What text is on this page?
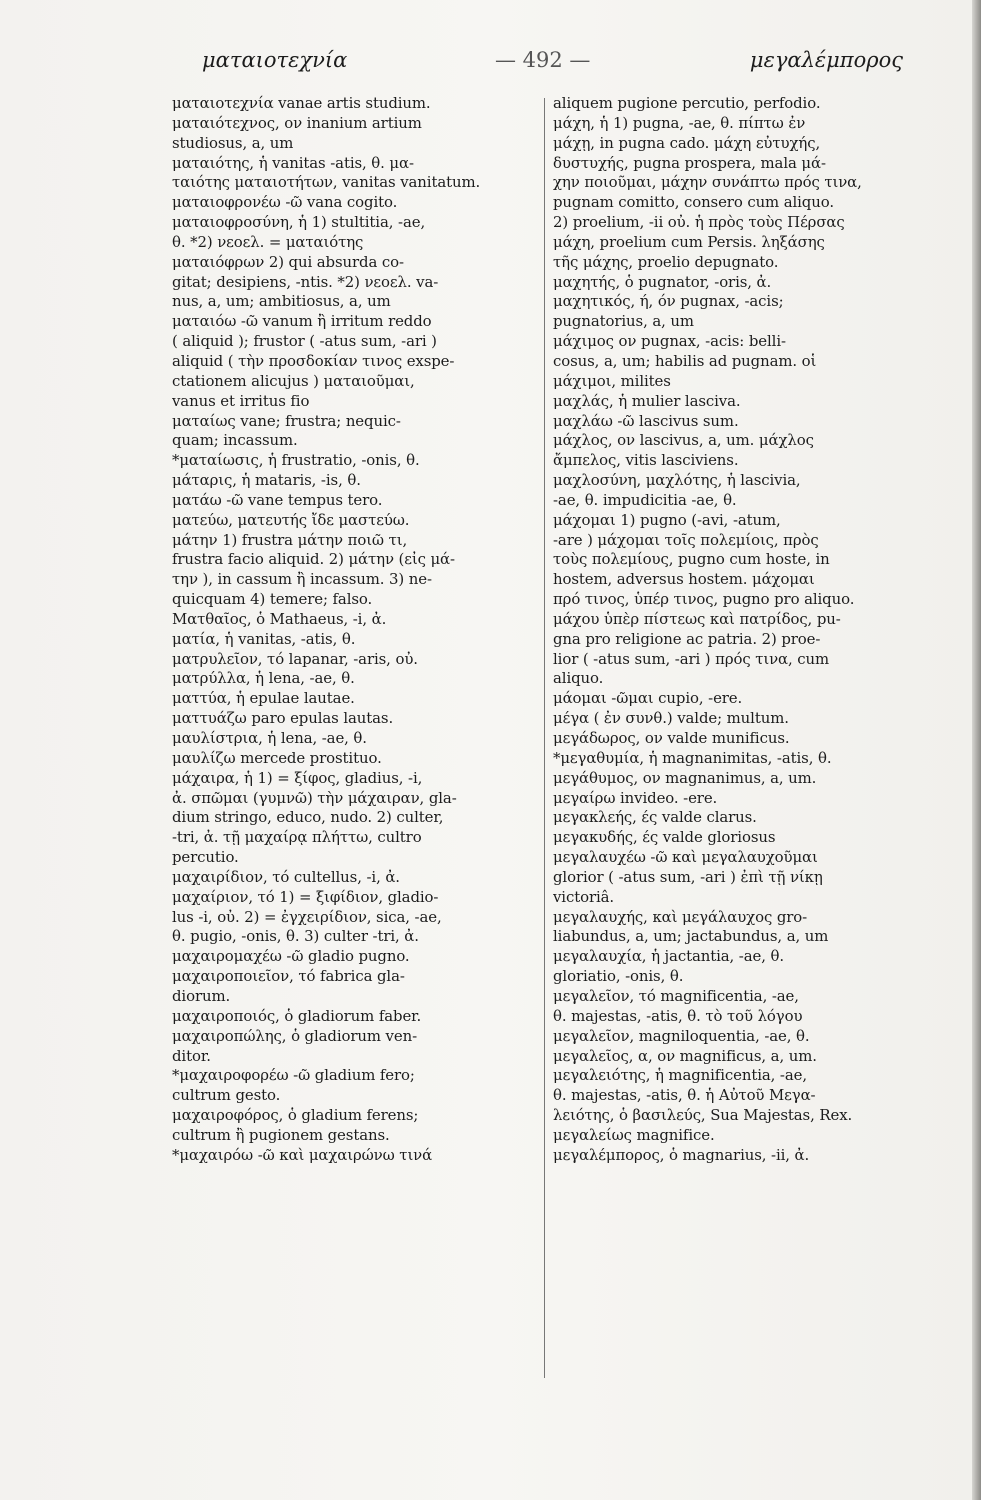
ματαιοτεχνία	— 492 —	μεγαλέμπορος
ματαιοτεχνία vanae artis studium.
ματαιότεχνος, ον inanium artium
studiosus, a, um
ματαιότης, ἡ vanitas -atis, θ. μα-
ταιότης ματαιοτήτων, vanitas vanitatum.
ματαιοφρονέω -ῶ vana cogito.
ματαιοφροσύνη, ἡ 1) stultitia, -ae,
θ. *2) νεοελ. = ματαιότης
ματαιόφρων 2) qui absurda co-
gitat; desipiens, -ntis. *2) νεοελ. va-
nus, a, um; ambitiosus, a, um
ματαιόω -ῶ vanum ἢ irritum reddo
( aliquid ); frustor ( -atus sum, -ari )
aliquid ( τὴν προσδοκίαν τινος exspe-
ctationem alicujus ) ματαιοῦμαι,
vanus et irritus fio
ματαίως vane; frustra; nequic-
quam; incassum.
*ματαίωσις, ἡ frustratio, -onis, θ.
μάταρις, ἡ mataris, -is, θ.
ματάω -ῶ vane tempus tero.
ματεύω, ματευτής ἴδε μαστεύω.
μάτην 1) frustra μάτην ποιῶ τι,
frustra facio aliquid. 2) μάτην (εἰς μά-
την ), in cassum ἢ incassum. 3) ne-
quicquam 4) temere; falso.
Ματθαῖος, ὁ Mathaeus, -i, ἀ.
ματία, ἡ vanitas, -atis, θ.
ματρυλεῖον, τό lapanar, -aris, οὐ.
ματρύλλα, ἡ lena, -ae, θ.
ματτύα, ἡ epulae lautae.
ματτυάζω paro epulas lautas.
μαυλίστρια, ἡ lena, -ae, θ.
μαυλίζω mercede prostituo.
μάχαιρα, ἡ 1) = ξίφος, gladius, -i,
ἀ. σπῶμαι (γυμνῶ) τὴν μάχαιραν, gla-
dium stringo, educo, nudo. 2) culter,
-tri, ἀ. τῇ μαχαίρᾳ πλήττω, cultro
percutio.
μαχαιρίδιον, τό cultellus, -i, ἀ.
μαχαίριον, τό 1) = ξιφίδιον, gladio-
lus -i, οὐ. 2) = ἐγχειρίδιον, sica, -ae,
θ. pugio, -onis, θ. 3) culter -tri, ἀ.
μαχαιρομαχέω -ῶ gladio pugno.
μαχαιροποιεῖον, τό fabrica gla-
diorum.
μαχαιροποιός, ὁ gladiorum faber.
μαχαιροπώλης, ὁ gladiorum ven-
ditor.
*μαχαιροφορέω -ῶ gladium fero;
cultrum gesto.
μαχαιροφόρος, ὁ gladium ferens;
cultrum ἢ pugionem gestans.
*μαχαιρόω -ῶ καὶ μαχαιρώνω τινά
aliquem pugione percutio, perfodio.
μάχη, ἡ 1) pugna, -ae, θ. πίπτω ἐν
μάχῃ, in pugna cado. μάχη εὐτυχής,
δυστυχής, pugna prospera, mala μά-
χην ποιοῦμαι, μάχην συνάπτω πρός τινα,
pugnam comitto, consero cum aliquo.
2) proelium, -ii οὐ. ἡ πρὸς τοὺς Πέρσας
μάχη, proelium cum Persis. ληξάσης
τῆς μάχης, proelio depugnato.
μαχητής, ὁ pugnator, -oris, ἀ.
μαχητικός, ή, όν pugnax, -acis;
pugnatorius, a, um
μάχιμος ον pugnax, -acis: belli-
cosus, a, um; habilis ad pugnam. οἱ
μάχιμοι, milites
μαχλάς, ἡ mulier lasciva.
μαχλάω -ῶ lascivus sum.
μάχλος, ον lascivus, a, um. μάχλος
ἄμπελος, vitis lasciviens.
μαχλοσύνη, μαχλότης, ἡ lascivia,
-ae, θ. impudicitia -ae, θ.
μάχομαι 1) pugno (-avi, -atum,
-are ) μάχομαι τοῖς πολεμίοις, πρὸς
τοὺς πολεμίους, pugno cum hoste, in
hostem, adversus hostem. μάχομαι
πρό τινος, ὑπέρ τινος, pugno pro aliquo.
μάχου ὑπὲρ πίστεως καὶ πατρίδος, pu-
gna pro religione ac patria. 2) proe-
lior ( -atus sum, -ari ) πρός τινα, cum
aliquo.
μάομαι -ῶμαι cupio, -ere.
μέγα ( ἐν συνθ.) valde; multum.
μεγάδωρος, ον valde munificus.
*μεγαθυμία, ἡ magnanimitas, -atis, θ.
μεγάθυμος, ον magnanimus, a, um.
μεγαίρω invideo. -ere.
μεγακλεής, ές valde clarus.
μεγακυδής, ές valde gloriosus
μεγαλαυχέω -ῶ καὶ μεγαλαυχοῦμαι
glorior ( -atus sum, -ari ) ἐπὶ τῇ νίκῃ
victoriâ.
μεγαλαυχής, καὶ μεγάλαυχος gro-
liabundus, a, um; jactabundus, a, um
μεγαλαυχία, ἡ jactantia, -ae, θ.
gloriatio, -onis, θ.
μεγαλεῖον, τό magnificentia, -ae,
θ. majestas, -atis, θ. τὸ τοῦ λόγου
μεγαλεῖον, magniloquentia, -ae, θ.
μεγαλεῖος, α, ον magnificus, a, um.
μεγαλειότης, ἡ magnificentia, -ae,
θ. majestas, -atis, θ. ἡ Αὐτοῦ Μεγα-
λειότης, ὁ βασιλεύς, Sua Majestas, Rex.
μεγαλείως magnifice.
μεγαλέμπορος, ὁ magnarius, -ii, ἀ.
